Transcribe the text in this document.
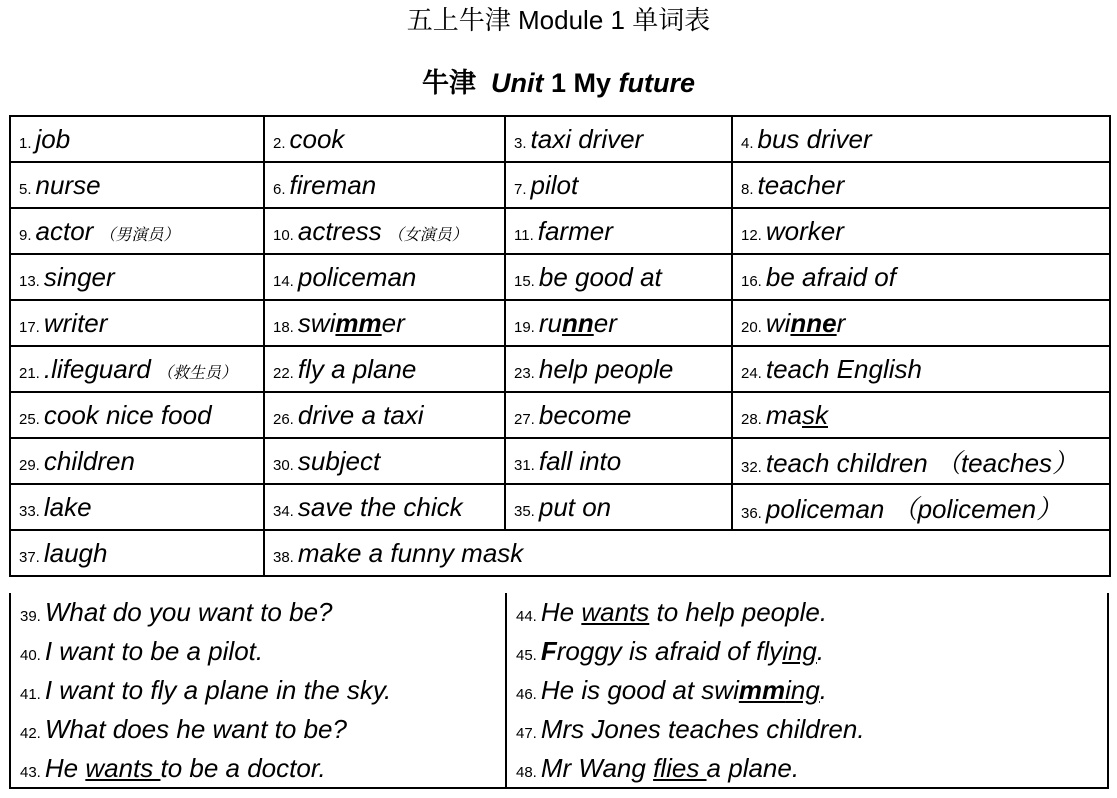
五上牛津 Module 1 单词表
牛津 Unit 1 My future
1. job	2. cook	3. taxi driver	4. bus driver
5. nurse	6. fireman	7. pilot	8. teacher
9. actor （男演员）	10. actress （女演员）	11. farmer	12. worker
13. singer	14. policeman	15. be good at	16. be afraid of
17. writer	18. swimmer	19. runner	20. winner
21. .lifeguard （救生员）	22. fly a plane	23. help people	24. teach English
25. cook nice food	26. drive a taxi	27. become	28. mask
29. children	30. subject	31. fall into	32. teach children （teaches）
33. lake	34. save the chick	35. put on	36. policeman （policemen）
37. laugh	38. make a funny mask		
39. What do you want to be?
40. I want to be a pilot.
41. I want to fly a plane in the sky.
42. What does he want to be?
43. He wants to be a doctor.
44. He wants to help people.
45. Froggy is afraid of flying.
46. He is good at swimming.
47. Mrs Jones teaches children.
48. Mr Wang flies a plane.
